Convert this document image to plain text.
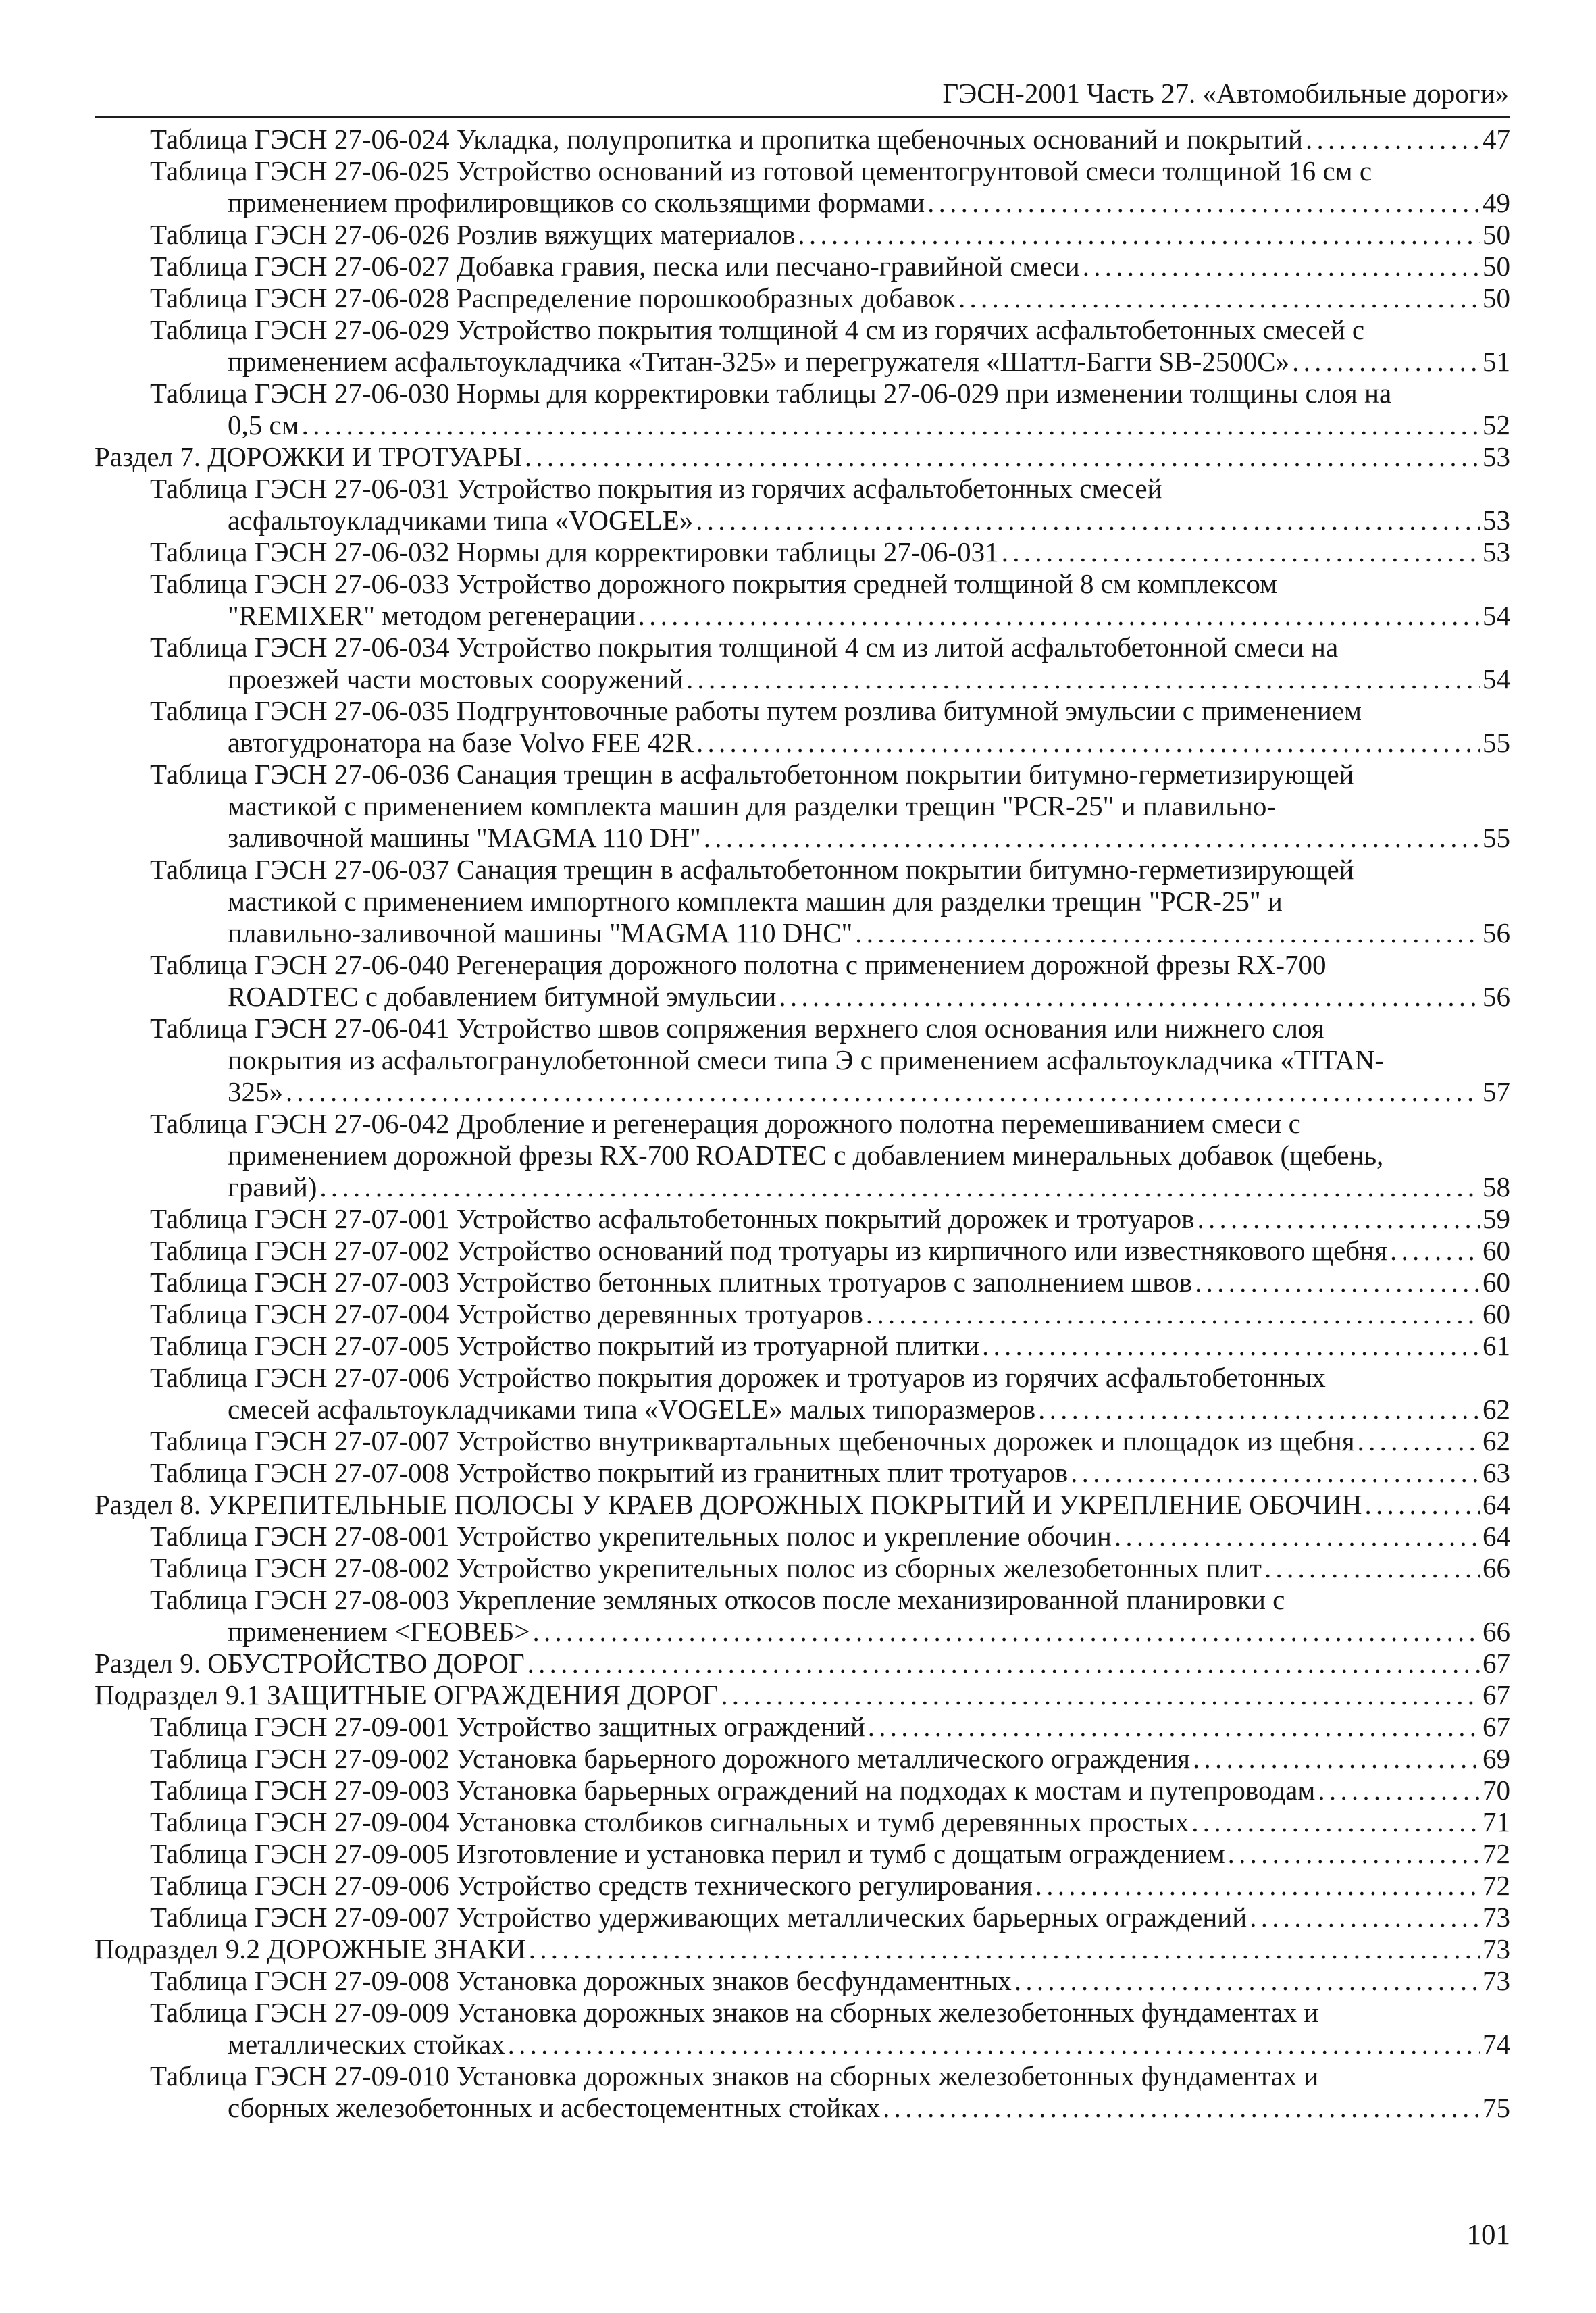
ГЭСН-2001 Часть 27. «Автомобильные дороги»
Таблица ГЭСН 27-06-024 Укладка, полупропитка и пропитка щебеночных оснований и покрытий . . .	47
Таблица ГЭСН 27-06-025 Устройство оснований из готовой цементогрунтовой смеси толщиной 16 см с
применением профилировщиков со скользящими формами . . .	49
Таблица ГЭСН 27-06-026 Розлив вяжущих материалов . . .	50
Таблица ГЭСН 27-06-027 Добавка гравия, песка или песчано-гравийной смеси . . .	50
Таблица ГЭСН 27-06-028 Распределение порошкообразных добавок . . .	50
Таблица ГЭСН 27-06-029 Устройство покрытия толщиной 4 см из горячих асфальтобетонных смесей с
применением асфальтоукладчика «Титан-325» и перегружателя «Шаттл-Багги SB-2500С» . . .	51
Таблица ГЭСН 27-06-030 Нормы для корректировки таблицы 27-06-029 при изменении толщины слоя на
0,5 см . . .	52
Раздел 7. ДОРОЖКИ И ТРОТУАРЫ . . .	53
Таблица ГЭСН 27-06-031 Устройство покрытия из горячих асфальтобетонных смесей
асфальтоукладчиками типа «VOGELE» . . .	53
Таблица ГЭСН 27-06-032 Нормы для корректировки таблицы 27-06-031 . . .	53
Таблица ГЭСН 27-06-033 Устройство дорожного покрытия средней толщиной 8 см комплексом
"REMIXER" методом регенерации . . .	54
Таблица ГЭСН 27-06-034 Устройство покрытия толщиной 4 см из литой асфальтобетонной смеси на
проезжей части мостовых сооружений . . .	54
Таблица ГЭСН 27-06-035 Подгрунтовочные работы путем розлива битумной эмульсии с применением
автогудронатора на базе Volvo FEE 42R . . .	55
Таблица ГЭСН 27-06-036 Санация трещин в асфальтобетонном покрытии битумно-герметизирующей
мастикой с применением комплекта машин для разделки трещин "PCR-25" и плавильно-
заливочной машины "MAGMA 110 DH" . . .	55
Таблица ГЭСН 27-06-037 Санация трещин в асфальтобетонном покрытии битумно-герметизирующей
мастикой с применением импортного комплекта машин для разделки трещин "PCR-25" и
плавильно-заливочной машины "MAGMA 110 DHC" . . .	56
Таблица ГЭСН 27-06-040 Регенерация дорожного полотна с применением дорожной фрезы RX-700
ROADTEC с добавлением битумной эмульсии . . .	56
Таблица ГЭСН 27-06-041 Устройство швов сопряжения верхнего слоя основания или нижнего слоя
покрытия из асфальтогранулобетонной смеси типа Э с применением асфальтоукладчика «TITAN-
325» . . .	57
Таблица ГЭСН 27-06-042 Дробление и регенерация дорожного полотна перемешиванием смеси с
применением дорожной фрезы RX-700 ROADTEC с добавлением минеральных добавок (щебень,
гравий) . . .	58
Таблица ГЭСН 27-07-001 Устройство асфальтобетонных покрытий дорожек и тротуаров . . .	59
Таблица ГЭСН 27-07-002 Устройство оснований под тротуары из кирпичного или известнякового щебня . . .	60
Таблица ГЭСН 27-07-003 Устройство бетонных плитных тротуаров с заполнением швов . . .	60
Таблица ГЭСН 27-07-004 Устройство деревянных тротуаров . . .	60
Таблица ГЭСН 27-07-005 Устройство покрытий из тротуарной плитки . . .	61
Таблица ГЭСН 27-07-006 Устройство покрытия дорожек и тротуаров из горячих асфальтобетонных
смесей асфальтоукладчиками типа «VOGELE» малых типоразмеров . . .	62
Таблица ГЭСН 27-07-007 Устройство внутриквартальных щебеночных дорожек и площадок из щебня . . .	62
Таблица ГЭСН 27-07-008 Устройство покрытий из гранитных плит тротуаров . . .	63
Раздел 8. УКРЕПИТЕЛЬНЫЕ ПОЛОСЫ У КРАЕВ ДОРОЖНЫХ ПОКРЫТИЙ И УКРЕПЛЕНИЕ ОБОЧИН . . .	64
Таблица ГЭСН 27-08-001 Устройство укрепительных полос и укрепление обочин . . .	64
Таблица ГЭСН 27-08-002 Устройство укрепительных полос из сборных железобетонных плит . . .	66
Таблица ГЭСН 27-08-003 Укрепление земляных откосов после механизированной планировки с
применением <ГЕОВЕБ> . . .	66
Раздел 9. ОБУСТРОЙСТВО ДОРОГ . . .	67
Подраздел 9.1 ЗАЩИТНЫЕ ОГРАЖДЕНИЯ ДОРОГ . . .	67
Таблица ГЭСН 27-09-001 Устройство защитных ограждений . . .	67
Таблица ГЭСН 27-09-002 Установка барьерного дорожного металлического ограждения . . .	69
Таблица ГЭСН 27-09-003 Установка барьерных ограждений на подходах к мостам и путепроводам . . .	70
Таблица ГЭСН 27-09-004 Установка столбиков сигнальных и тумб деревянных простых . . .	71
Таблица ГЭСН 27-09-005 Изготовление и установка перил и тумб с дощатым ограждением . . .	72
Таблица ГЭСН 27-09-006 Устройство средств технического регулирования . . .	72
Таблица ГЭСН 27-09-007 Устройство удерживающих металлических барьерных ограждений . . .	73
Подраздел 9.2 ДОРОЖНЫЕ ЗНАКИ . . .	73
Таблица ГЭСН 27-09-008 Установка дорожных знаков бесфундаментных . . .	73
Таблица ГЭСН 27-09-009 Установка дорожных знаков на сборных железобетонных фундаментах и
металлических стойках . . .	74
Таблица ГЭСН 27-09-010 Установка дорожных знаков на сборных железобетонных фундаментах и
сборных железобетонных и асбестоцементных стойках . . .	75
101
